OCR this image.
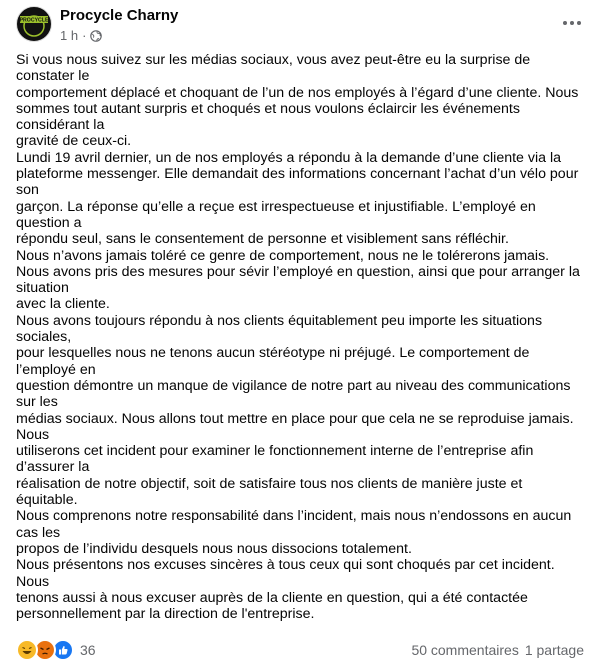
PROCYCLE Procycle Charny
1 h ·

Si vous nous suivez sur les médias sociaux, vous avez peut-être eu la surprise de constater le

comportement déplacé et choquant de l’un de nos employés à l’égard d’une cliente. Nous sommes tout autant surpris et choqués et nous voulons éclaircir les événements considérant la

gravité de ceux-ci.

Lundi 19 avril dernier, un de nos employés a répondu à la demande d’une cliente via la plateforme messenger. Elle demandait des informations concernant l’achat d’un vélo pour son

garçon. La réponse qu’elle a reçue est irrespectueuse et injustifiable. L’employé en question a

répondu seul, sans le consentement de personne et visiblement sans réfléchir.

Nous n’avons jamais toléré ce genre de comportement, nous ne le tolérerons jamais. Nous avons pris des mesures pour sévir l’employé en question, ainsi que pour arranger la situation

avec la cliente.

Nous avons toujours répondu à nos clients équitablement peu importe les situations sociales,

pour lesquelles nous ne tenons aucun stéréotype ni préjugé. Le comportement de l’employé en

question démontre un manque de vigilance de notre part au niveau des communications sur les

médias sociaux. Nous allons tout mettre en place pour que cela ne se reproduise jamais. Nous

utiliserons cet incident pour examiner le fonctionnement interne de l’entreprise afin d’assurer la

réalisation de notre objectif, soit de satisfaire tous nos clients de manière juste et équitable.

Nous comprenons notre responsabilité dans l’incident, mais nous n’endossons en aucun cas les

propos de l’individu desquels nous nous dissocions totalement.

Nous présentons nos excuses sincères à tous ceux qui sont choqués par cet incident. Nous

tenons aussi à nous excuser auprès de la cliente en question, qui a été contactée personnellement par la direction de l'entreprise.

36	50 commentaires 1 partage
